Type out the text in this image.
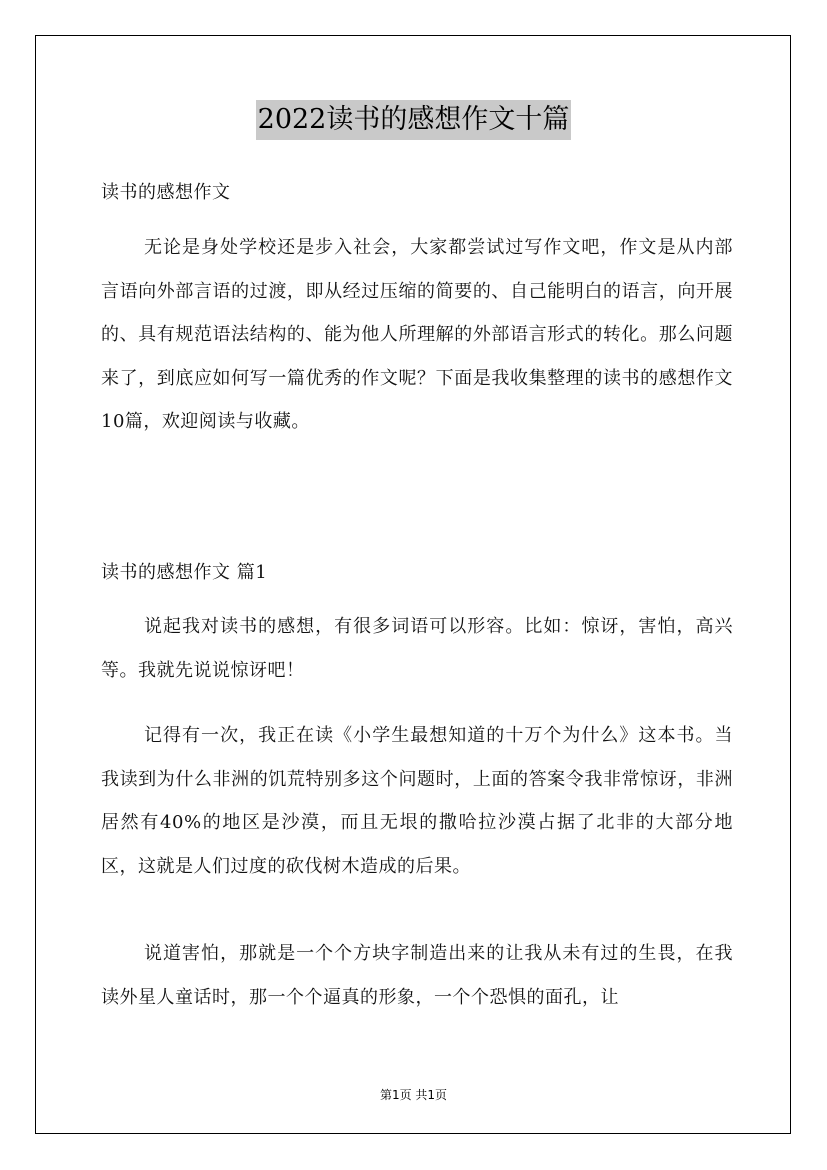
2022读书的感想作文十篇

读书的感想作文

无论是身处学校还是步入社会，大家都尝试过写作文吧，作文是从内部言语向外部言语的过渡，即从经过压缩的简要的、自己能明白的语言，向开展的、具有规范语法结构的、能为他人所理解的外部语言形式的转化。那么问题来了，到底应如何写一篇优秀的作文呢？下面是我收集整理的读书的感想作文10篇，欢迎阅读与收藏。

读书的感想作文 篇1

说起我对读书的感想，有很多词语可以形容。比如：惊讶，害怕，高兴等。我就先说说惊讶吧！

记得有一次，我正在读《小学生最想知道的十万个为什么》这本书。当我读到为什么非洲的饥荒特别多这个问题时，上面的答案令我非常惊讶，非洲居然有40%的地区是沙漠，而且无垠的撒哈拉沙漠占据了北非的大部分地区，这就是人们过度的砍伐树木造成的后果。

说道害怕，那就是一个个方块字制造出来的让我从未有过的生畏，在我读外星人童话时，那一个个逼真的形象，一个个恐惧的面孔，让

第1页 共1页
